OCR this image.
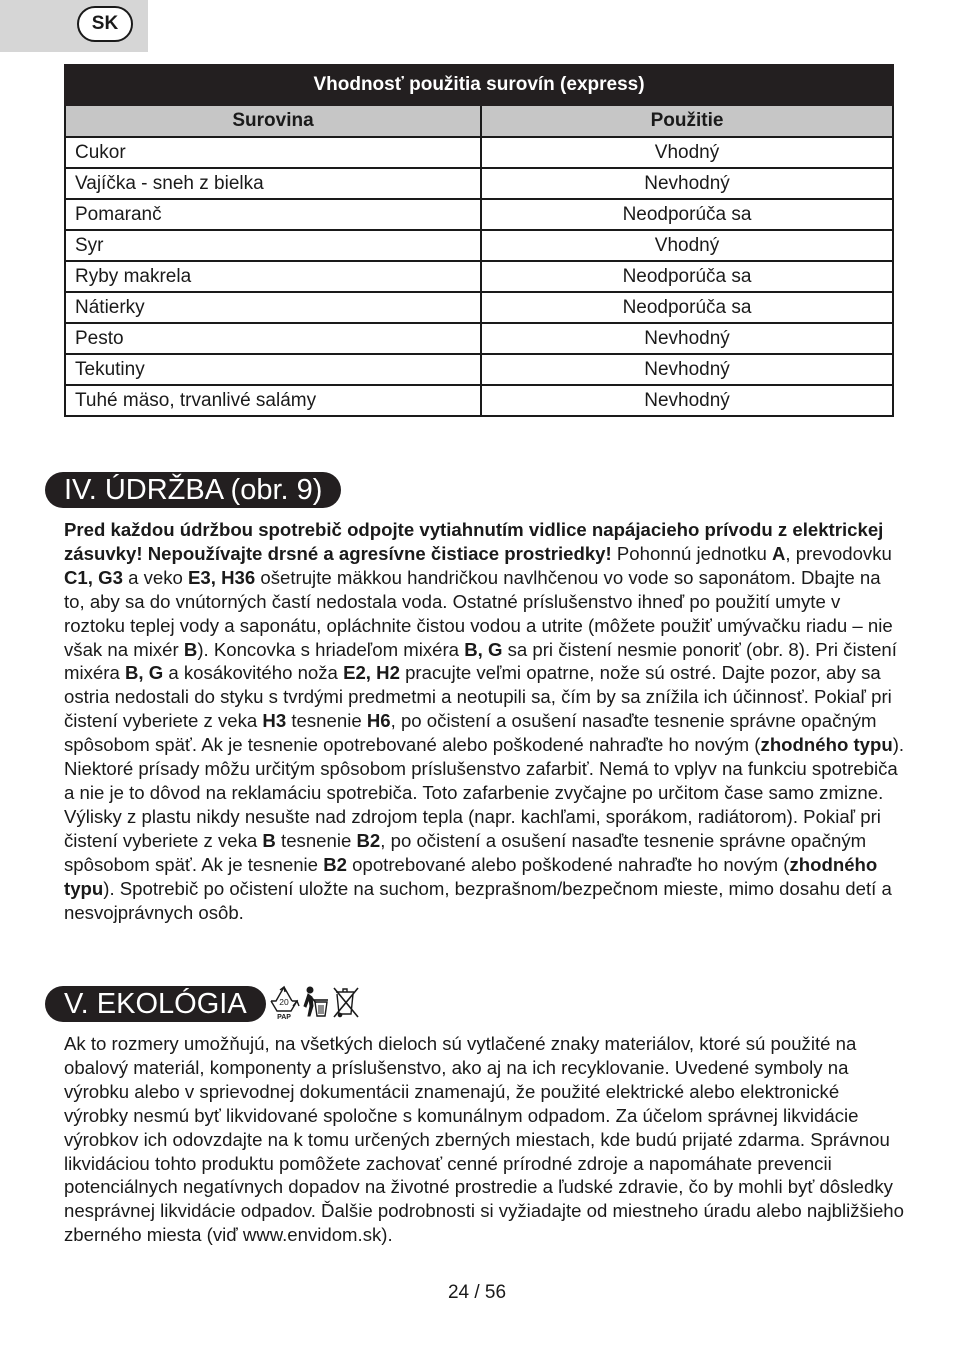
SK
Vhodnosť použitia surovín (express)	
Surovina	Použitie
Cukor	Vhodný
Vajíčka - sneh z bielka	Nevhodný
Pomaranč	Neodporúča sa
Syr	Vhodný
Ryby makrela	Neodporúča sa
Nátierky	Neodporúča sa
Pesto	Nevhodný
Tekutiny	Nevhodný
Tuhé mäso, trvanlivé salámy	Nevhodný
IV. ÚDRŽBA (obr. 9)

Pred každou údržbou spotrebič odpojte vytiahnutím vidlice napájacieho prívodu z elektrickej zásuvky! Nepoužívajte drsné a agresívne čistiace prostriedky! Pohonnú jednotku A, prevodovku C1, G3 a veko E3, H36 ošetrujte mäkkou handričkou navlhčenou vo vode so saponátom. Dbajte na to, aby sa do vnútorných častí nedostala voda. Ostatné príslušenstvo ihneď po použití umyte v roztoku teplej vody a saponátu, opláchnite čistou vodou a utrite (môžete použiť umývačku riadu – nie však na mixér B). Koncovka s hriadeľom mixéra B, G sa pri čistení nesmie ponoriť (obr. 8). Pri čistení mixéra B, G a kosákovitého noža E2, H2 pracujte veľmi opatrne, nože sú ostré. Dajte pozor, aby sa ostria nedostali do styku s tvrdými predmetmi a neotupili sa, čím by sa znížila ich účinnosť. Pokiaľ pri čistení vyberiete z veka H3 tesnenie H6, po očistení a osušení nasaďte tesnenie správne opačným spôsobom späť. Ak je tesnenie opotrebované alebo poškodené nahraďte ho novým (zhodného typu). Niektoré prísady môžu určitým spôsobom príslušenstvo zafarbiť. Nemá to vplyv na funkciu spotrebiča a nie je to dôvod na reklamáciu spotrebiča. Toto zafarbenie zvyčajne po určitom čase samo zmizne. Výlisky z plastu nikdy nesušte nad zdrojom tepla (napr. kachľami, sporákom, radiátorom). Pokiaľ pri čistení vyberiete z veka B tesnenie B2, po očistení a osušení nasaďte tesnenie správne opačným spôsobom späť. Ak je tesnenie B2 opotrebované alebo poškodené nahraďte ho novým (zhodného typu). Spotrebič po očistení uložte na suchom, bezprašnom/bezpečnom mieste, mimo dosahu detí a nesvojprávnych osôb.

V. EKOLÓGIA	20
PAP

Ak to rozmery umožňujú, na všetkých dieloch sú vytlačené znaky materiálov, ktoré sú použité na obalový materiál, komponenty a príslušenstvo, ako aj na ich recyklovanie. Uvedené symboly na výrobku alebo v sprievodnej dokumentácii znamenajú, že použité elektrické alebo elektronické výrobky nesmú byť likvidované spoločne s komunálnym odpadom. Za účelom správnej likvidácie výrobkov ich odovzdajte na k tomu určených zberných miestach, kde budú prijaté zdarma. Správnou likvidáciou tohto produktu pomôžete zachovať cenné prírodné zdroje a napomáhate prevencii potenciálnych negatívnych dopadov na životné prostredie a ľudské zdravie, čo by mohli byť dôsledky nesprávnej likvidácie odpadov. Ďalšie podrobnosti si vyžiadajte od miestneho úradu alebo najbližšieho zberného miesta (viď www.envidom.sk).

24 / 56
